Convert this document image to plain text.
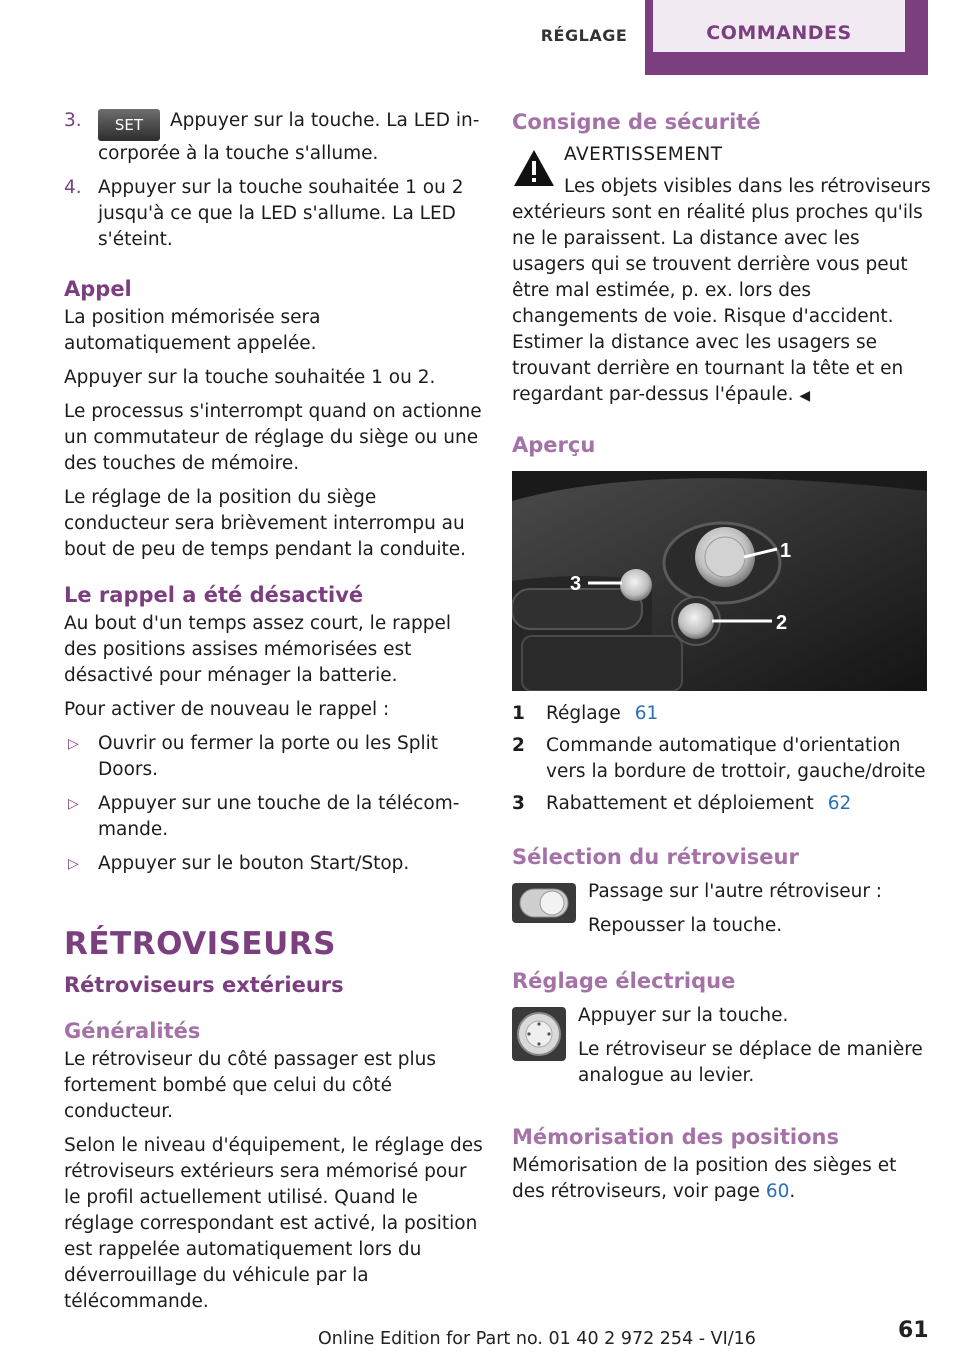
RÉGLAGE	COMMANDES
3.	SET Appuyer sur la touche. La LED incorporée à la touche s'allume.
4. Appuyer sur la touche souhaitée 1 ou 2 jusqu'à ce que la LED s'allume. La LED s'éteint.
Appel

La position mémorisée sera automatiquement appelée.

Appuyer sur la touche souhaitée 1 ou 2.

Le processus s'interrompt quand on actionne un commutateur de réglage du siège ou une des touches de mémoire.

Le réglage de la position du siège conducteur sera brièvement interrompu au bout de peu de temps pendant la conduite.

Le rappel a été désactivé

Au bout d'un temps assez court, le rappel des positions assises mémorisées est désactivé pour ménager la batterie.

Pour activer de nouveau le rappel :

▷	Ouvrir ou fermer la porte ou les Split Doors.
▷	Appuyer sur une touche de la télécommande.
▷	Appuyer sur le bouton Start/Stop.
RÉTROVISEURS
Rétroviseurs extérieurs
Généralités

Le rétroviseur du côté passager est plus fortement bombé que celui du côté conducteur.

Selon le niveau d'équipement, le réglage des rétroviseurs extérieurs sera mémorisé pour le profil actuellement utilisé. Quand le réglage correspondant est activé, la position est rappelée automatiquement lors du déverrouillage du véhicule par la télécommande.

Consigne de sécurité
AVERTISSEMENT

Les objets visibles dans les rétroviseurs extérieurs sont en réalité plus proches qu'ils ne le paraissent. La distance avec les usagers qui se trouvent derrière vous peut être mal estimée, p. ex. lors des changements de voie. Risque d'accident. Estimer la distance avec les usagers se trouvant derrière en tournant la tête et en regardant par-dessus l'épaule. ◀

Aperçu
1
2
3
1	Réglage 61
2	Commande automatique d'orientation vers la bordure de trottoir, gauche/droite
3	Rabattement et déploiement 62
Sélection du rétroviseur

Passage sur l'autre rétroviseur :

Repousser la touche.

Réglage électrique

Appuyer sur la touche.

Le rétroviseur se déplace de manière analogue au levier.

Mémorisation des positions

Mémorisation de la position des sièges et des rétroviseurs, voir page 60.

Online Edition for Part no. 01 40 2 972 254 - VI/16	61
